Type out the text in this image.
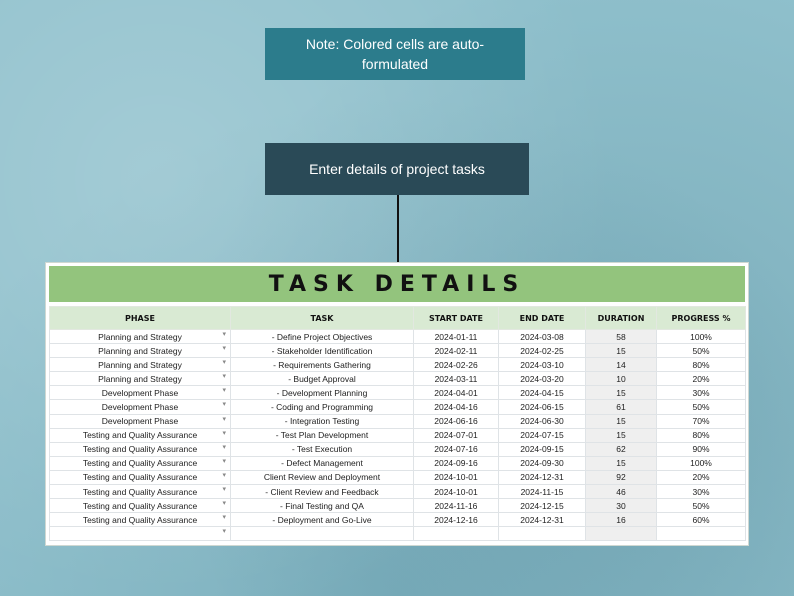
Note: Colored cells are auto-formulated
Enter details of project tasks
TASK DETAILS
PHASE	TASK	START DATE	END DATE	DURATION	PROGRESS %
Planning and Strategy ▾	- Define Project Objectives	2024-01-11	2024-03-08	58	100%
Planning and Strategy ▾	- Stakeholder Identification	2024-02-11	2024-02-25	15	50%
Planning and Strategy ▾	- Requirements Gathering	2024-02-26	2024-03-10	14	80%
Planning and Strategy ▾	- Budget Approval	2024-03-11	2024-03-20	10	20%
Development Phase ▾	- Development Planning	2024-04-01	2024-04-15	15	30%
Development Phase ▾	- Coding and Programming	2024-04-16	2024-06-15	61	50%
Development Phase ▾	- Integration Testing	2024-06-16	2024-06-30	15	70%
Testing and Quality Assurance ▾	- Test Plan Development	2024-07-01	2024-07-15	15	80%
Testing and Quality Assurance ▾	- Test Execution	2024-07-16	2024-09-15	62	90%
Testing and Quality Assurance ▾	- Defect Management	2024-09-16	2024-09-30	15	100%
Testing and Quality Assurance ▾	Client Review and Deployment	2024-10-01	2024-12-31	92	20%
Testing and Quality Assurance ▾	- Client Review and Feedback	2024-10-01	2024-11-15	46	30%
Testing and Quality Assurance ▾	- Final Testing and QA	2024-11-16	2024-12-15	30	50%
Testing and Quality Assurance ▾	- Deployment and Go-Live	2024-12-16	2024-12-31	16	60%

▾					
